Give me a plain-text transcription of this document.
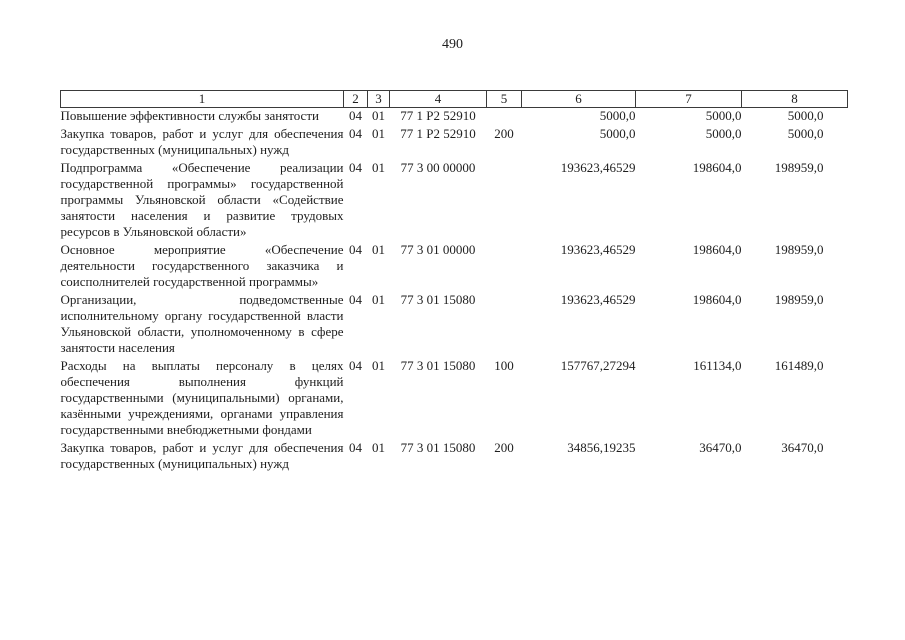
490
1	2	3	4	5	6	7	8
Повышение эффективности службы занятости	04	01	77 1 P2 52910		5000,0	5000,0	5000,0
Закупка товаров, работ и услуг для обеспечения государственных (муниципальных) нужд	04	01	77 1 P2 52910	200	5000,0	5000,0	5000,0
Подпрограмма «Обеспечение реализации государственной программы» государственной программы Ульяновской области «Содействие занятости населения и развитие трудовых ресурсов в Ульяновской области»	04	01	77 3 00 00000		193623,46529	198604,0	198959,0
Основное мероприятие «Обеспечение деятельности государственного заказчика и соисполнителей государственной программы»	04	01	77 3 01 00000		193623,46529	198604,0	198959,0
Организации, подведомственные исполнительному органу государственной власти Ульяновской области, уполномоченному в сфере занятости населения	04	01	77 3 01 15080		193623,46529	198604,0	198959,0
Расходы на выплаты персоналу в целях обеспечения выполнения функций государственными (муниципальными) органами, казёнными учреждениями, органами управления государственными внебюджетными фондами	04	01	77 3 01 15080	100	157767,27294	161134,0	161489,0
Закупка товаров, работ и услуг для обеспечения государственных (муниципальных) нужд	04	01	77 3 01 15080	200	34856,19235	36470,0	36470,0
